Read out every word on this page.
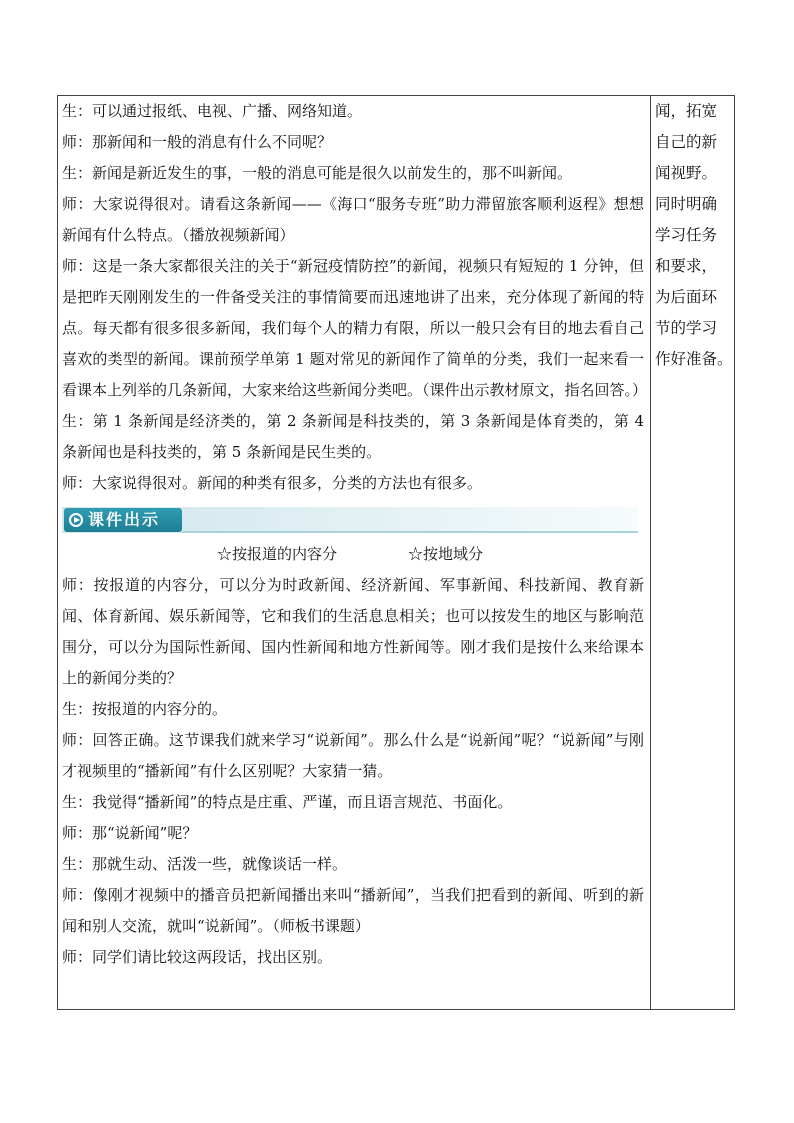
生：可以通过报纸、电视、广播、网络知道。

师：那新闻和一般的消息有什么不同呢？

生：新闻是新近发生的事，一般的消息可能是很久以前发生的，那不叫新闻。

师：大家说得很对。请看这条新闻——《海口“服务专班”助力滞留旅客顺利返程》想想新闻有什么特点。（播放视频新闻）

师：这是一条大家都很关注的关于“新冠疫情防控”的新闻，视频只有短短的 1 分钟，但是把昨天刚刚发生的一件备受关注的事情简要而迅速地讲了出来，充分体现了新闻的特点。每天都有很多很多新闻，我们每个人的精力有限，所以一般只会有目的地去看自己喜欢的类型的新闻。课前预学单第 1 题对常见的新闻作了简单的分类，我们一起来看一看课本上列举的几条新闻，大家来给这些新闻分类吧。（课件出示教材原文，指名回答。）

生：第 1 条新闻是经济类的，第 2 条新闻是科技类的，第 3 条新闻是体育类的，第 4 条新闻也是科技类的，第 5 条新闻是民生类的。

师：大家说得很对。新闻的种类有很多，分类的方法也有很多。

课件出示
☆按报道的内容分	☆按地域分

师：按报道的内容分，可以分为时政新闻、经济新闻、军事新闻、科技新闻、教育新闻、体育新闻、娱乐新闻等，它和我们的生活息息相关；也可以按发生的地区与影响范围分，可以分为国际性新闻、国内性新闻和地方性新闻等。刚才我们是按什么来给课本上的新闻分类的？

生：按报道的内容分的。

师：回答正确。这节课我们就来学习“说新闻”。那么什么是“说新闻”呢？“说新闻”与刚才视频里的“播新闻”有什么区别呢？大家猜一猜。

生：我觉得“播新闻”的特点是庄重、严谨，而且语言规范、书面化。

师：那“说新闻”呢？

生：那就生动、活泼一些，就像谈话一样。

师：像刚才视频中的播音员把新闻播出来叫“播新闻”，当我们把看到的新闻、听到的新闻和别人交流，就叫“说新闻”。（师板书课题）

师：同学们请比较这两段话，找出区别。

闻，拓宽
自己的新
闻视野。
同时明确
学习任务
和要求，
为后面环
节的学习
作好准备。
